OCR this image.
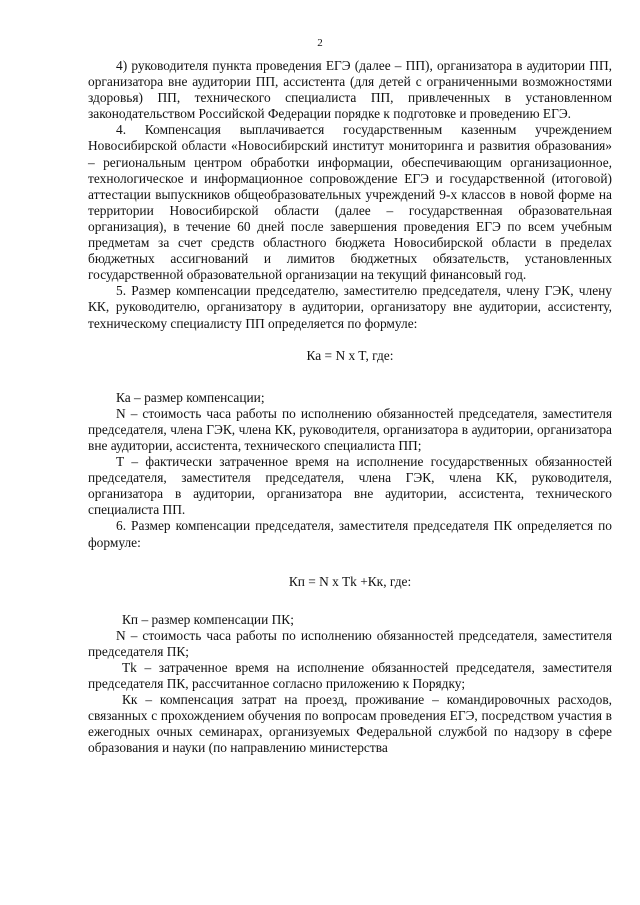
2

4) руководителя пункта проведения ЕГЭ (далее – ПП), организатора в аудитории ПП, организатора вне аудитории ПП, ассистента (для детей с ограниченными возможностями здоровья) ПП, технического специалиста ПП, привлеченных в установленном законодательством Российской Федерации порядке к подготовке и проведению ЕГЭ.

4. Компенсация выплачивается государственным казенным учреждением Новосибирской области «Новосибирский институт мониторинга и развития образования» – региональным центром обработки информации, обеспечивающим организационное, технологическое и информационное сопровождение ЕГЭ и государственной (итоговой) аттестации выпускников общеобразовательных учреждений 9-х классов в новой форме на территории Новосибирской области (далее – государственная образовательная организация), в течение 60 дней после завершения проведения ЕГЭ по всем учебным предметам за счет средств областного бюджета Новосибирской области в пределах бюджетных ассигнований и лимитов бюджетных обязательств, установленных государственной образовательной организации на текущий финансовый год.

5. Размер компенсации председателю, заместителю председателя, члену ГЭК, члену КК, руководителю, организатору в аудитории, организатору вне аудитории, ассистенту, техническому специалисту ПП определяется по формуле:

Ка = N x T, где:

Ка – размер компенсации;

N – стоимость часа работы по исполнению обязанностей председателя, заместителя председателя, члена ГЭК, члена КК, руководителя, организатора в аудитории, организатора вне аудитории, ассистента, технического специалиста ПП;

Т – фактически затраченное время на исполнение государственных обязанностей председателя, заместителя председателя, члена ГЭК, члена КК, руководителя, организатора в аудитории, организатора вне аудитории, ассистента, технического специалиста ПП.

6. Размер компенсации председателя, заместителя председателя ПК определяется по формуле:

Кп = N x Tk +Кк, где:

Кп – размер компенсации ПК;

N – стоимость часа работы по исполнению обязанностей председателя, заместителя председателя ПК;

Tk – затраченное время на исполнение обязанностей председателя, заместителя председателя ПК, рассчитанное согласно приложению к Порядку;

Кк – компенсация затрат на проезд, проживание – командировочных расходов, связанных с прохождением обучения по вопросам проведения ЕГЭ, посредством участия в ежегодных очных семинарах, организуемых Федеральной службой по надзору в сфере образования и науки (по направлению министерства
